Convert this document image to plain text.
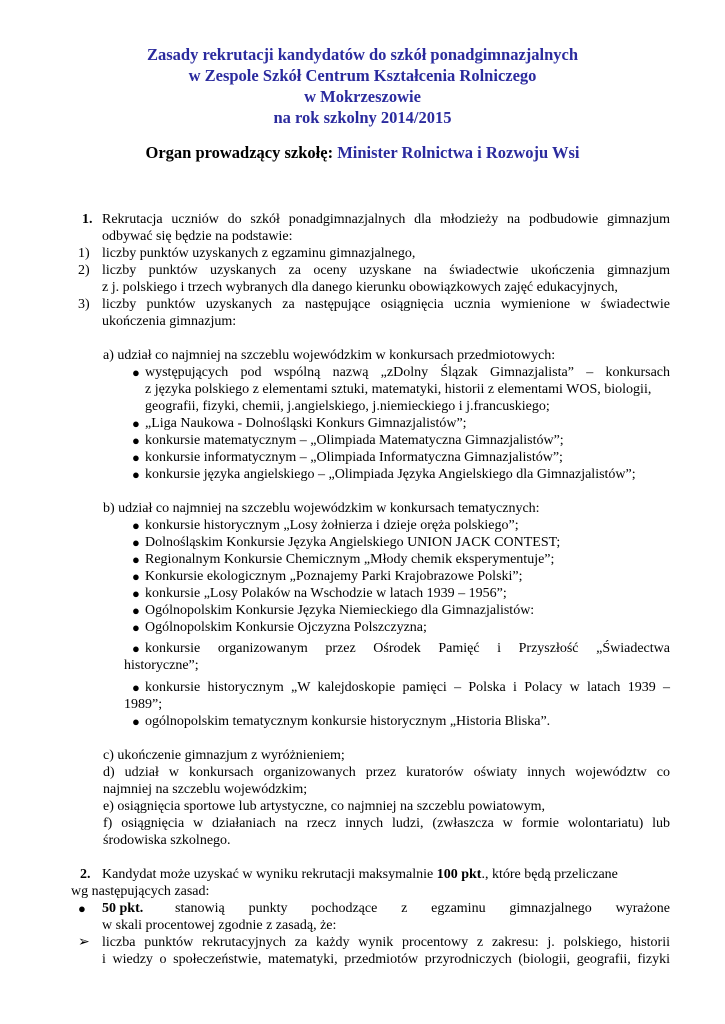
Zasady rekrutacji kandydatów do szkół ponadgimnazjalnych
w Zespole Szkół Centrum Kształcenia Rolniczego
w Mokrzeszowie
na rok szkolny 2014/2015
Organ prowadzący szkołę: Minister Rolnictwa i Rozwoju Wsi
1. Rekrutacja uczniów do szkół ponadgimnazjalnych dla młodzieży na podbudowie gimnazjum
odbywać się będzie na podstawie:
1) liczby punktów uzyskanych z egzaminu gimnazjalnego,
2) liczby punktów uzyskanych za oceny uzyskane na świadectwie ukończenia gimnazjum
z j. polskiego i trzech wybranych dla danego kierunku obowiązkowych zajęć edukacyjnych,
3) liczby punktów uzyskanych za następujące osiągnięcia ucznia wymienione w świadectwie
ukończenia gimnazjum:
a) udział co najmniej na szczeblu wojewódzkim w konkursach przedmiotowych:
● występujących pod wspólną nazwą „zDolny Ślązak Gimnazjalista” – konkursach
z języka polskiego z elementami sztuki, matematyki, historii z elementami WOS, biologii,
geografii, fizyki, chemii, j.angielskiego, j.niemieckiego i j.francuskiego;
● „Liga Naukowa - Dolnośląski Konkurs Gimnazjalistów”;
● konkursie matematycznym – „Olimpiada Matematyczna Gimnazjalistów”;
● konkursie informatycznym – „Olimpiada Informatyczna Gimnazjalistów”;
● konkursie języka angielskiego – „Olimpiada Języka Angielskiego dla Gimnazjalistów”;
b) udział co najmniej na szczeblu wojewódzkim w konkursach tematycznych:
● konkursie historycznym „Losy żołnierza i dzieje oręża polskiego”;
● Dolnośląskim Konkursie Języka Angielskiego UNION JACK CONTEST;
● Regionalnym Konkursie Chemicznym „Młody chemik eksperymentuje”;
● Konkursie ekologicznym „Poznajemy Parki Krajobrazowe Polski”;
● konkursie „Losy Polaków na Wschodzie w latach 1939 – 1956”;
● Ogólnopolskim Konkursie Języka Niemieckiego dla Gimnazjalistów:
● Ogólnopolskim Konkursie Ojczyzna Polszczyzna;
● konkursie organizowanym przez Ośrodek Pamięć i Przyszłość „Świadectwa
historyczne”;
● konkursie historycznym „W kalejdoskopie pamięci – Polska i Polacy w latach 1939 –
1989”;
● ogólnopolskim tematycznym konkursie historycznym „Historia Bliska”.
c) ukończenie gimnazjum z wyróżnieniem;
d) udział w konkursach organizowanych przez kuratorów oświaty innych województw co
najmniej na szczeblu wojewódzkim;
e) osiągnięcia sportowe lub artystyczne, co najmniej na szczeblu powiatowym,
f) osiągnięcia w działaniach na rzecz innych ludzi, (zwłaszcza w formie wolontariatu) lub
środowiska szkolnego.
2. Kandydat może uzyskać w wyniku rekrutacji maksymalnie 100 pkt., które będą przeliczane
wg następujących zasad:
● 50 pkt. stanowią punkty pochodzące z egzaminu gimnazjalnego wyrażone
w skali procentowej zgodnie z zasadą, że:
➢ liczba punktów rekrutacyjnych za każdy wynik procentowy z zakresu: j. polskiego, historii
i wiedzy o społeczeństwie, matematyki, przedmiotów przyrodniczych (biologii, geografii, fizyki
